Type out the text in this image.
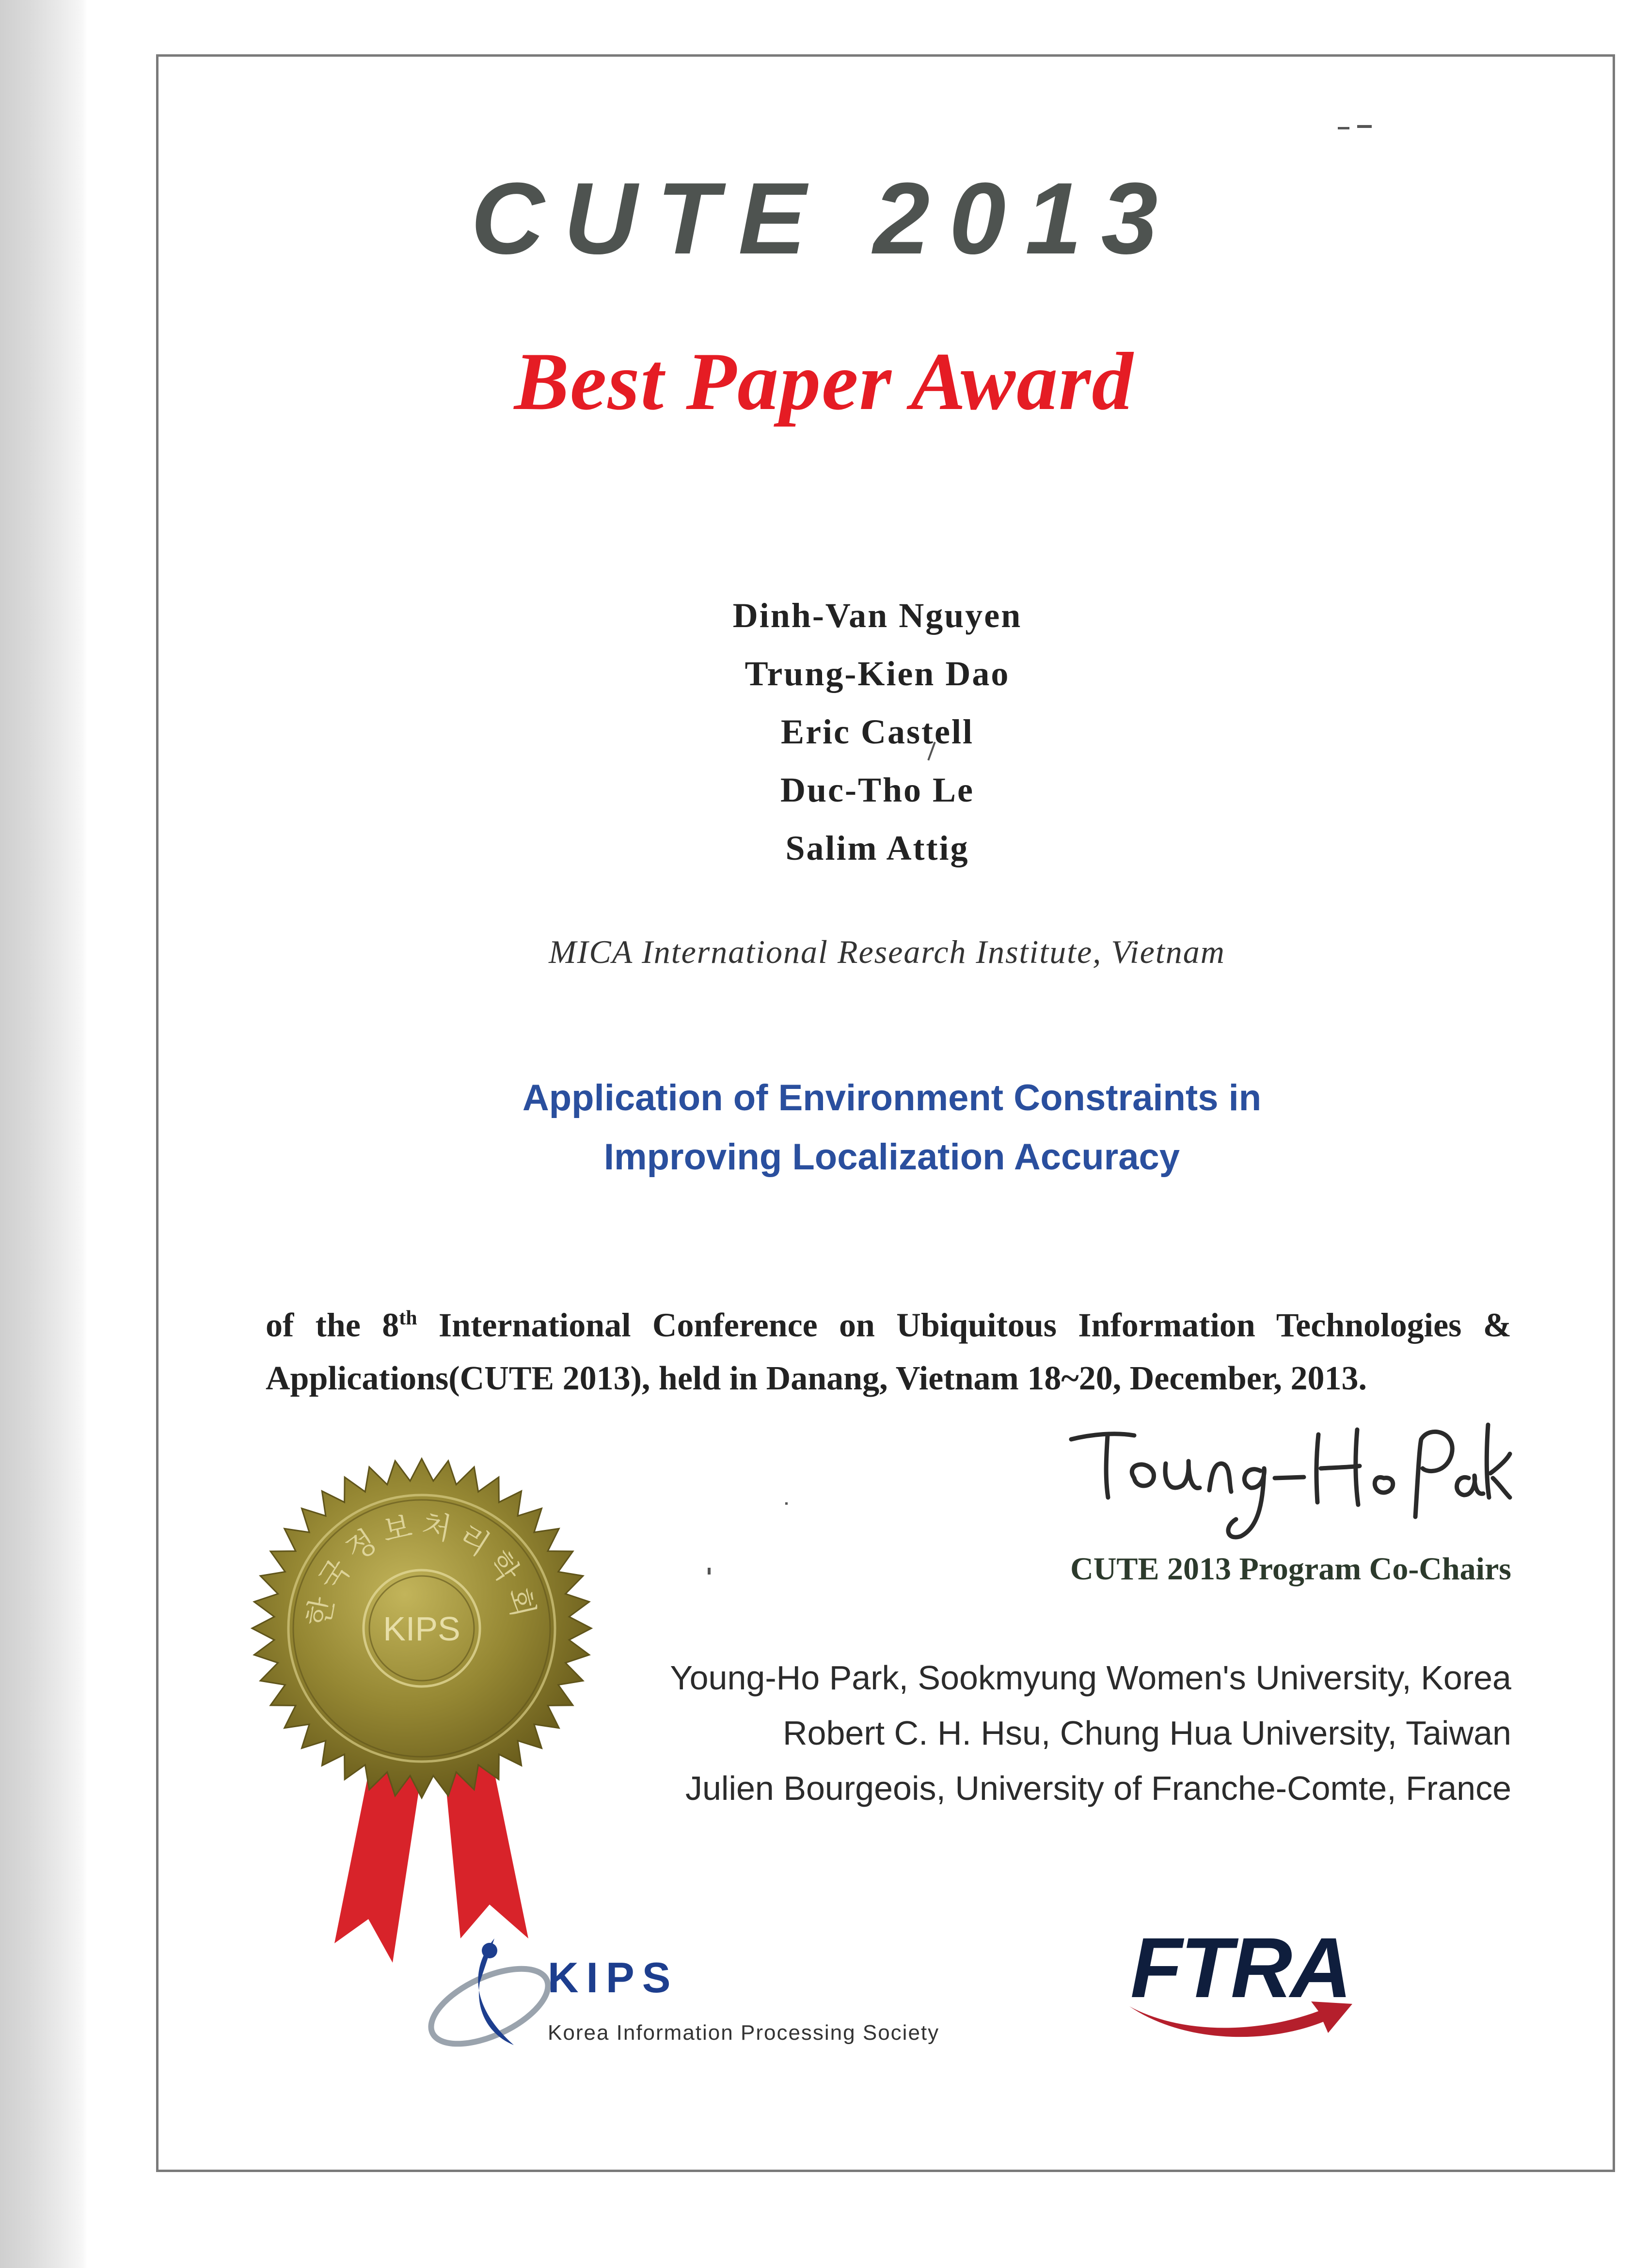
CUTE 2013
Best Paper Award
Dinh-Van Nguyen
Trung-Kien Dao
Eric Castell
Duc-Tho Le
Salim Attig
MICA International Research Institute, Vietnam
Application of Environment Constraints in
Improving Localization Accuracy
of the 8th International Conference on Ubiquitous Information Technologies & Applications(CUTE 2013), held in Danang, Vietnam 18~20, December, 2013.
CUTE 2013 Program Co-Chairs
Young-Ho Park, Sookmyung Women's University, Korea
Robert C. H. Hsu, Chung Hua University, Taiwan
Julien Bourgeois, University of Franche-Comte, France
한국정보처리학회
KIPS
KIPS
Korea Information Processing Society
FTRA
